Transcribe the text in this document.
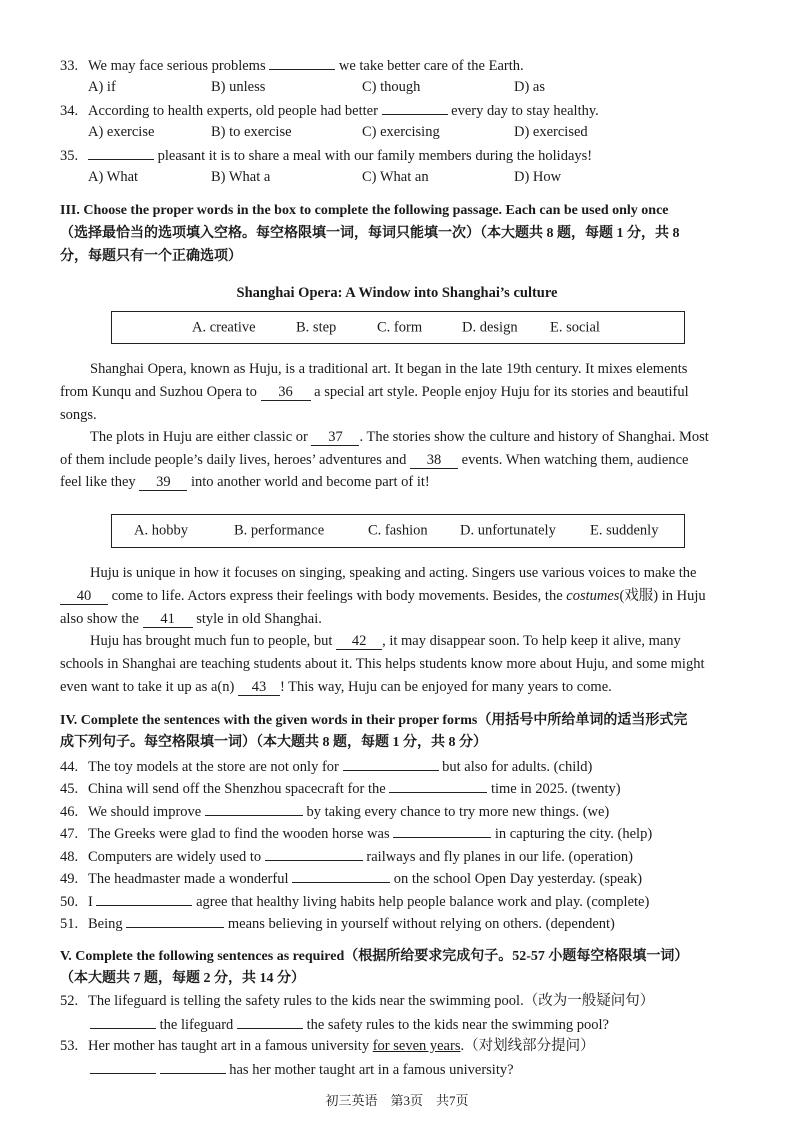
33. We may face serious problems	we take better care of the Earth.
A) if	B) unless	C) though	D) as
34. According to health experts, old people had better	every day to stay healthy.
A) exercise	B) to exercise	C) exercising	D) exercised
35.	pleasant it is to share a meal with our family members during the holidays!
A) What	B) What a	C) What an	D) How
III. Choose the proper words in the box to complete the following passage. Each can be used only once
（选择最恰当的选项填入空格。每空格限填一词，每词只能填一次）（本大题共 8 题，每题 1 分，共 8
分，每题只有一个正确选项）
Shanghai Opera: A Window into Shanghai’s culture
A. creative	B. step	C. form	D. design E. social
Shanghai Opera, known as Huju, is a traditional art. It began in the late 19th century. It mixes elements
from Kunqu and Suzhou Opera to 36 a special art style. People enjoy Huju for its stories and beautiful
songs.
The plots in Huju are either classic or 37 . The stories show the culture and history of Shanghai. Most
of them include people’s daily lives, heroes’ adventures and 38 events. When watching them, audience
feel like they 39 into another world and become part of it!
A. hobby	B. performance	C. fashion D. unfortunately E. suddenly
Huju is unique in how it focuses on singing, speaking and acting. Singers use various voices to make the
40 come to life. Actors express their feelings with body movements. Besides, the costumes(戏服) in Huju
also show the 41 style in old Shanghai.
Huju has brought much fun to people, but 42 , it may disappear soon. To help keep it alive, many
schools in Shanghai are teaching students about it. This helps students know more about Huju, and some might
even want to take it up as a(n) 43 ! This way, Huju can be enjoyed for many years to come.
IV. Complete the sentences with the given words in their proper forms（用括号中所给单词的适当形式完
成下列句子。每空格限填一词）（本大题共 8 题，每题 1 分，共 8 分）
44. The toy models at the store are not only for	but also for adults. (child)
45. China will send off the Shenzhou spacecraft for the	time in 2025. (twenty)
46. We should improve	by taking every chance to try more new things. (we)
47. The Greeks were glad to find the wooden horse was	in capturing the city. (help)
48. Computers are widely used to	railways and fly planes in our life. (operation)
49. The headmaster made a wonderful	on the school Open Day yesterday. (speak)
50. I	agree that healthy living habits help people balance work and play. (complete)
51. Being	means believing in yourself without relying on others. (dependent)
V. Complete the following sentences as required（根据所给要求完成句子。52-57 小题每空格限填一词）
（本大题共 7 题，每题 2 分，共 14 分）
52. The lifeguard is telling the safety rules to the kids near the swimming pool.（改为一般疑问句）
the lifeguard	the safety rules to the kids near the swimming pool?
53. Her mother has taught art in a famous university for seven years.（对划线部分提问）
has her mother taught art in a famous university?
初三英语　第3页　共7页
